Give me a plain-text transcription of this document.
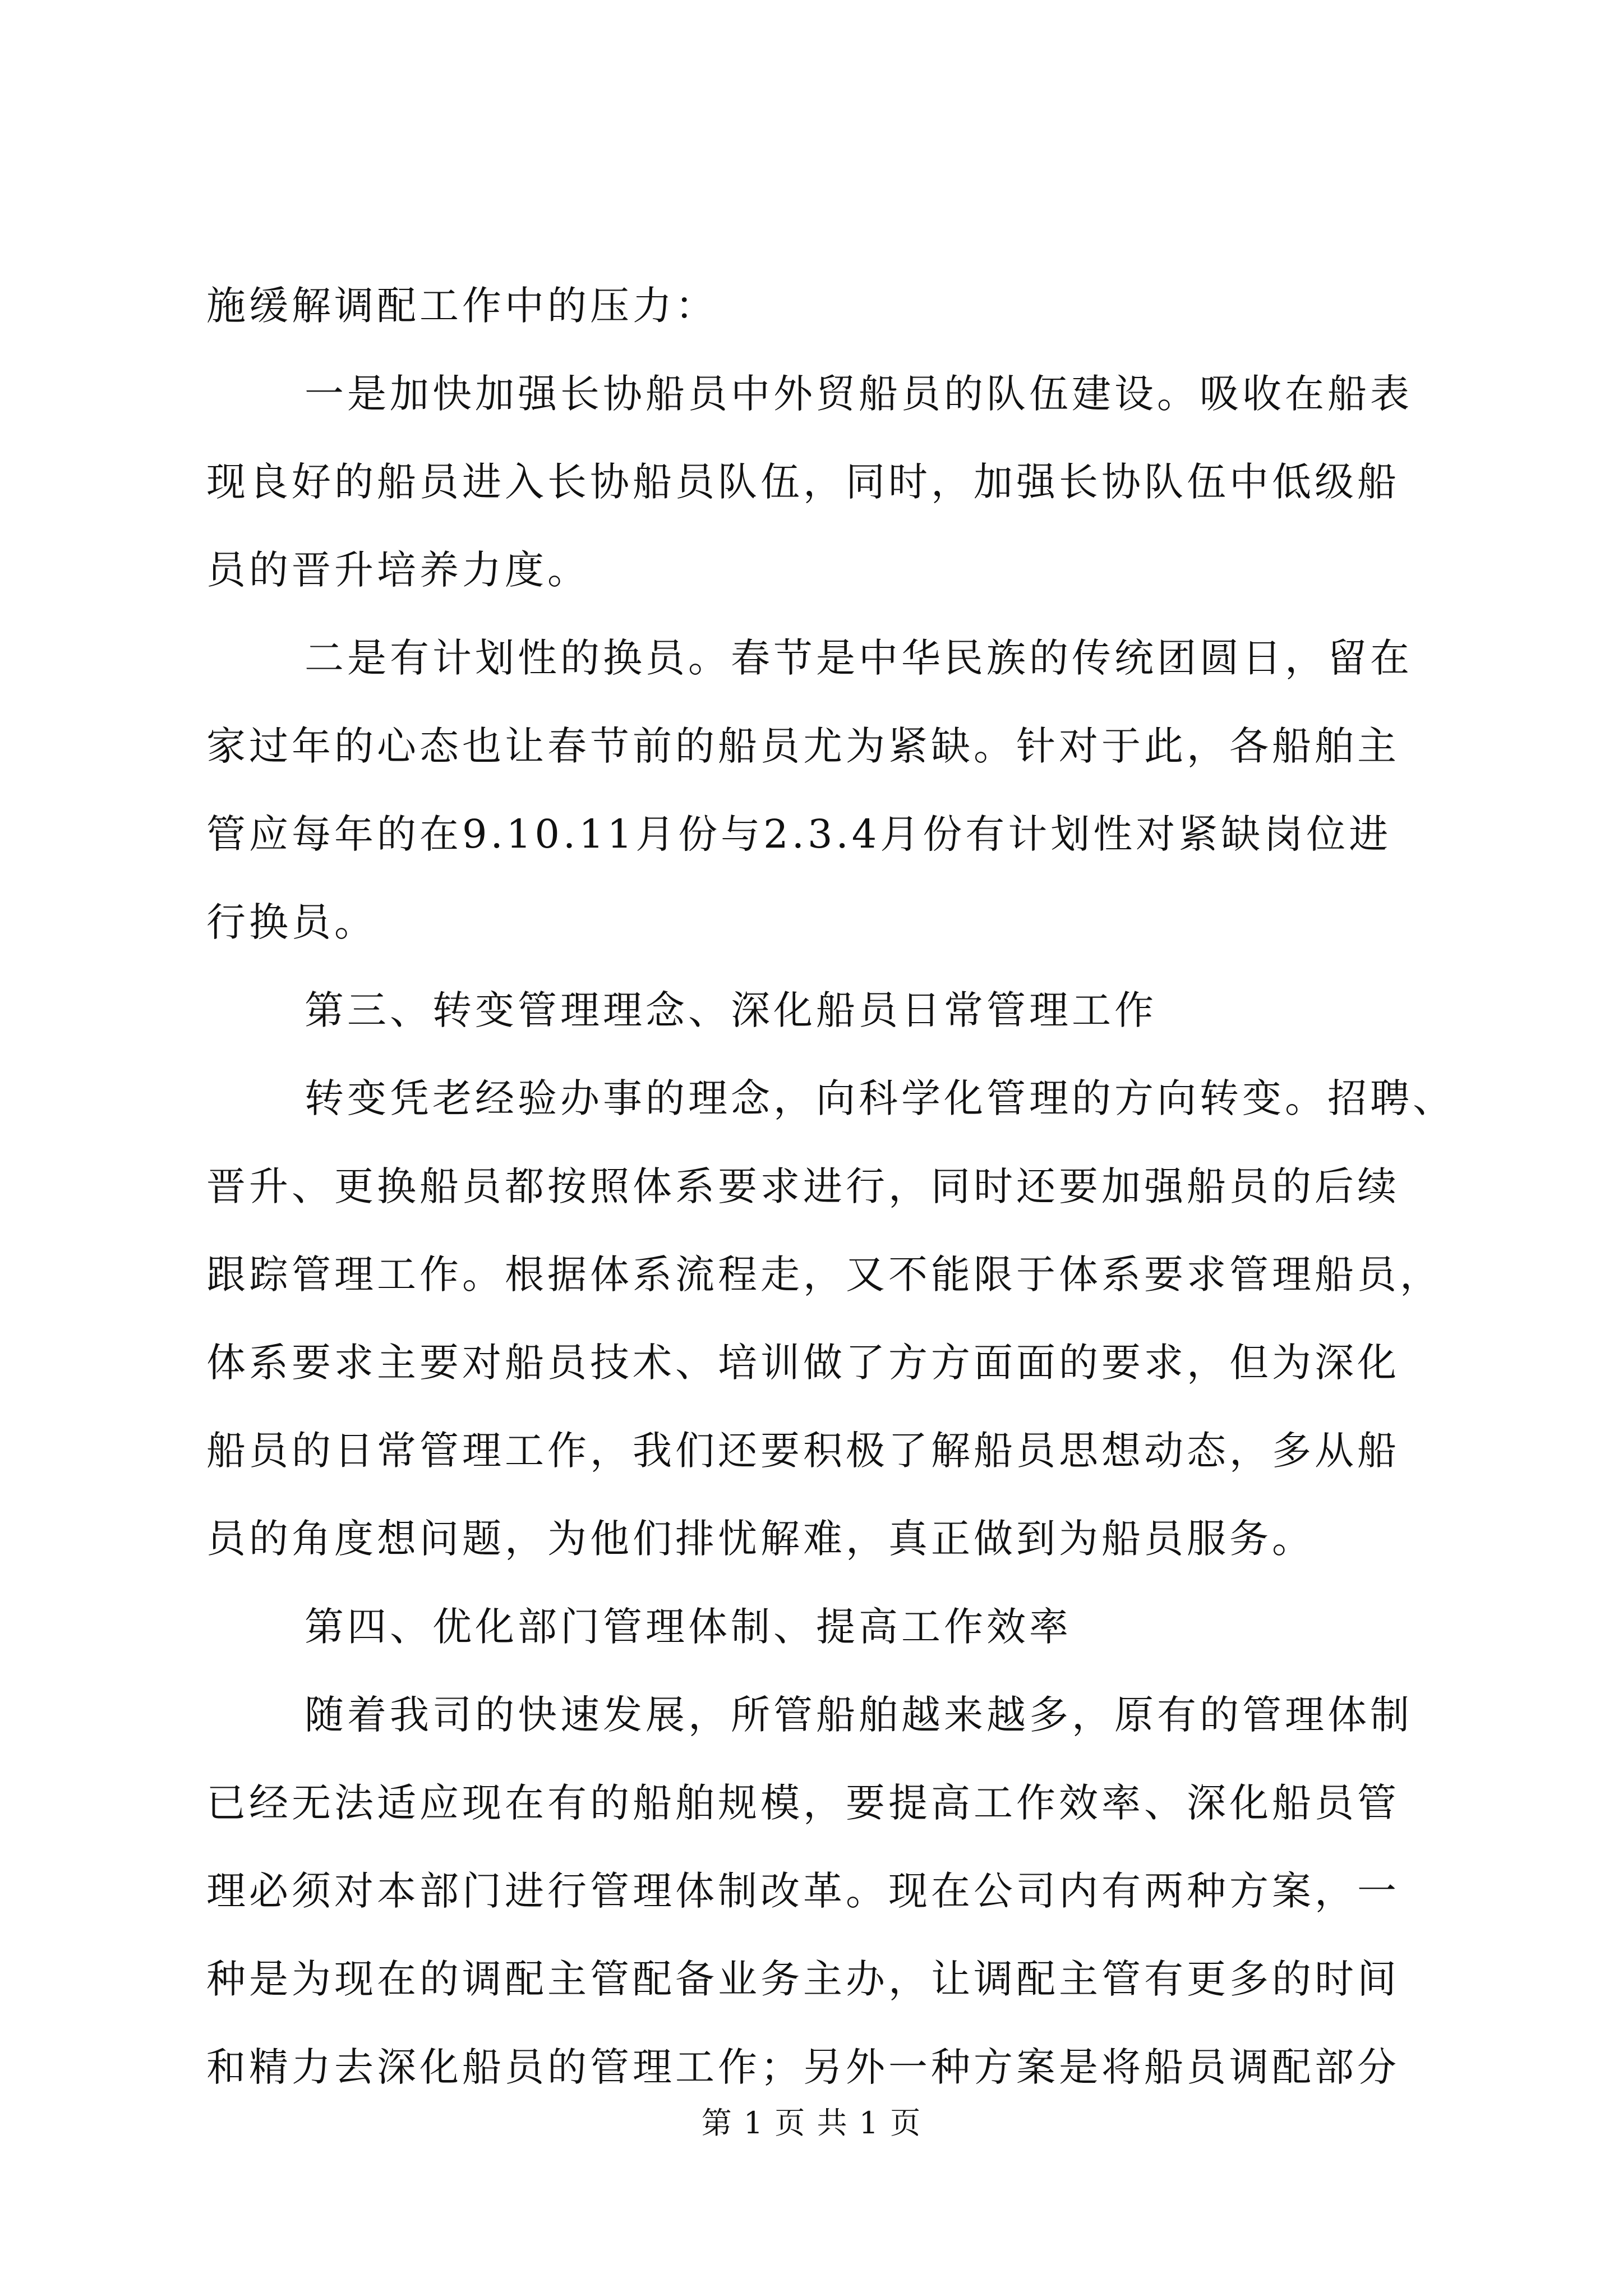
施缓解调配工作中的压力：
一是加快加强长协船员中外贸船员的队伍建设。吸收在船表
现良好的船员进入长协船员队伍，同时，加强长协队伍中低级船
员的晋升培养力度。
二是有计划性的换员。春节是中华民族的传统团圆日，留在
家过年的心态也让春节前的船员尤为紧缺。针对于此，各船舶主
管应每年的在9.10.11月份与2.3.4月份有计划性对紧缺岗位进
行换员。
第三、转变管理理念、深化船员日常管理工作
转变凭老经验办事的理念，向科学化管理的方向转变。招聘、
晋升、更换船员都按照体系要求进行，同时还要加强船员的后续
跟踪管理工作。根据体系流程走，又不能限于体系要求管理船员，
体系要求主要对船员技术、培训做了方方面面的要求，但为深化
船员的日常管理工作，我们还要积极了解船员思想动态，多从船
员的角度想问题，为他们排忧解难，真正做到为船员服务。
第四、优化部门管理体制、提高工作效率
随着我司的快速发展，所管船舶越来越多，原有的管理体制
已经无法适应现在有的船舶规模，要提高工作效率、深化船员管
理必须对本部门进行管理体制改革。现在公司内有两种方案，一
种是为现在的调配主管配备业务主办，让调配主管有更多的时间
和精力去深化船员的管理工作；另外一种方案是将船员调配部分
第 1 页 共 1 页
